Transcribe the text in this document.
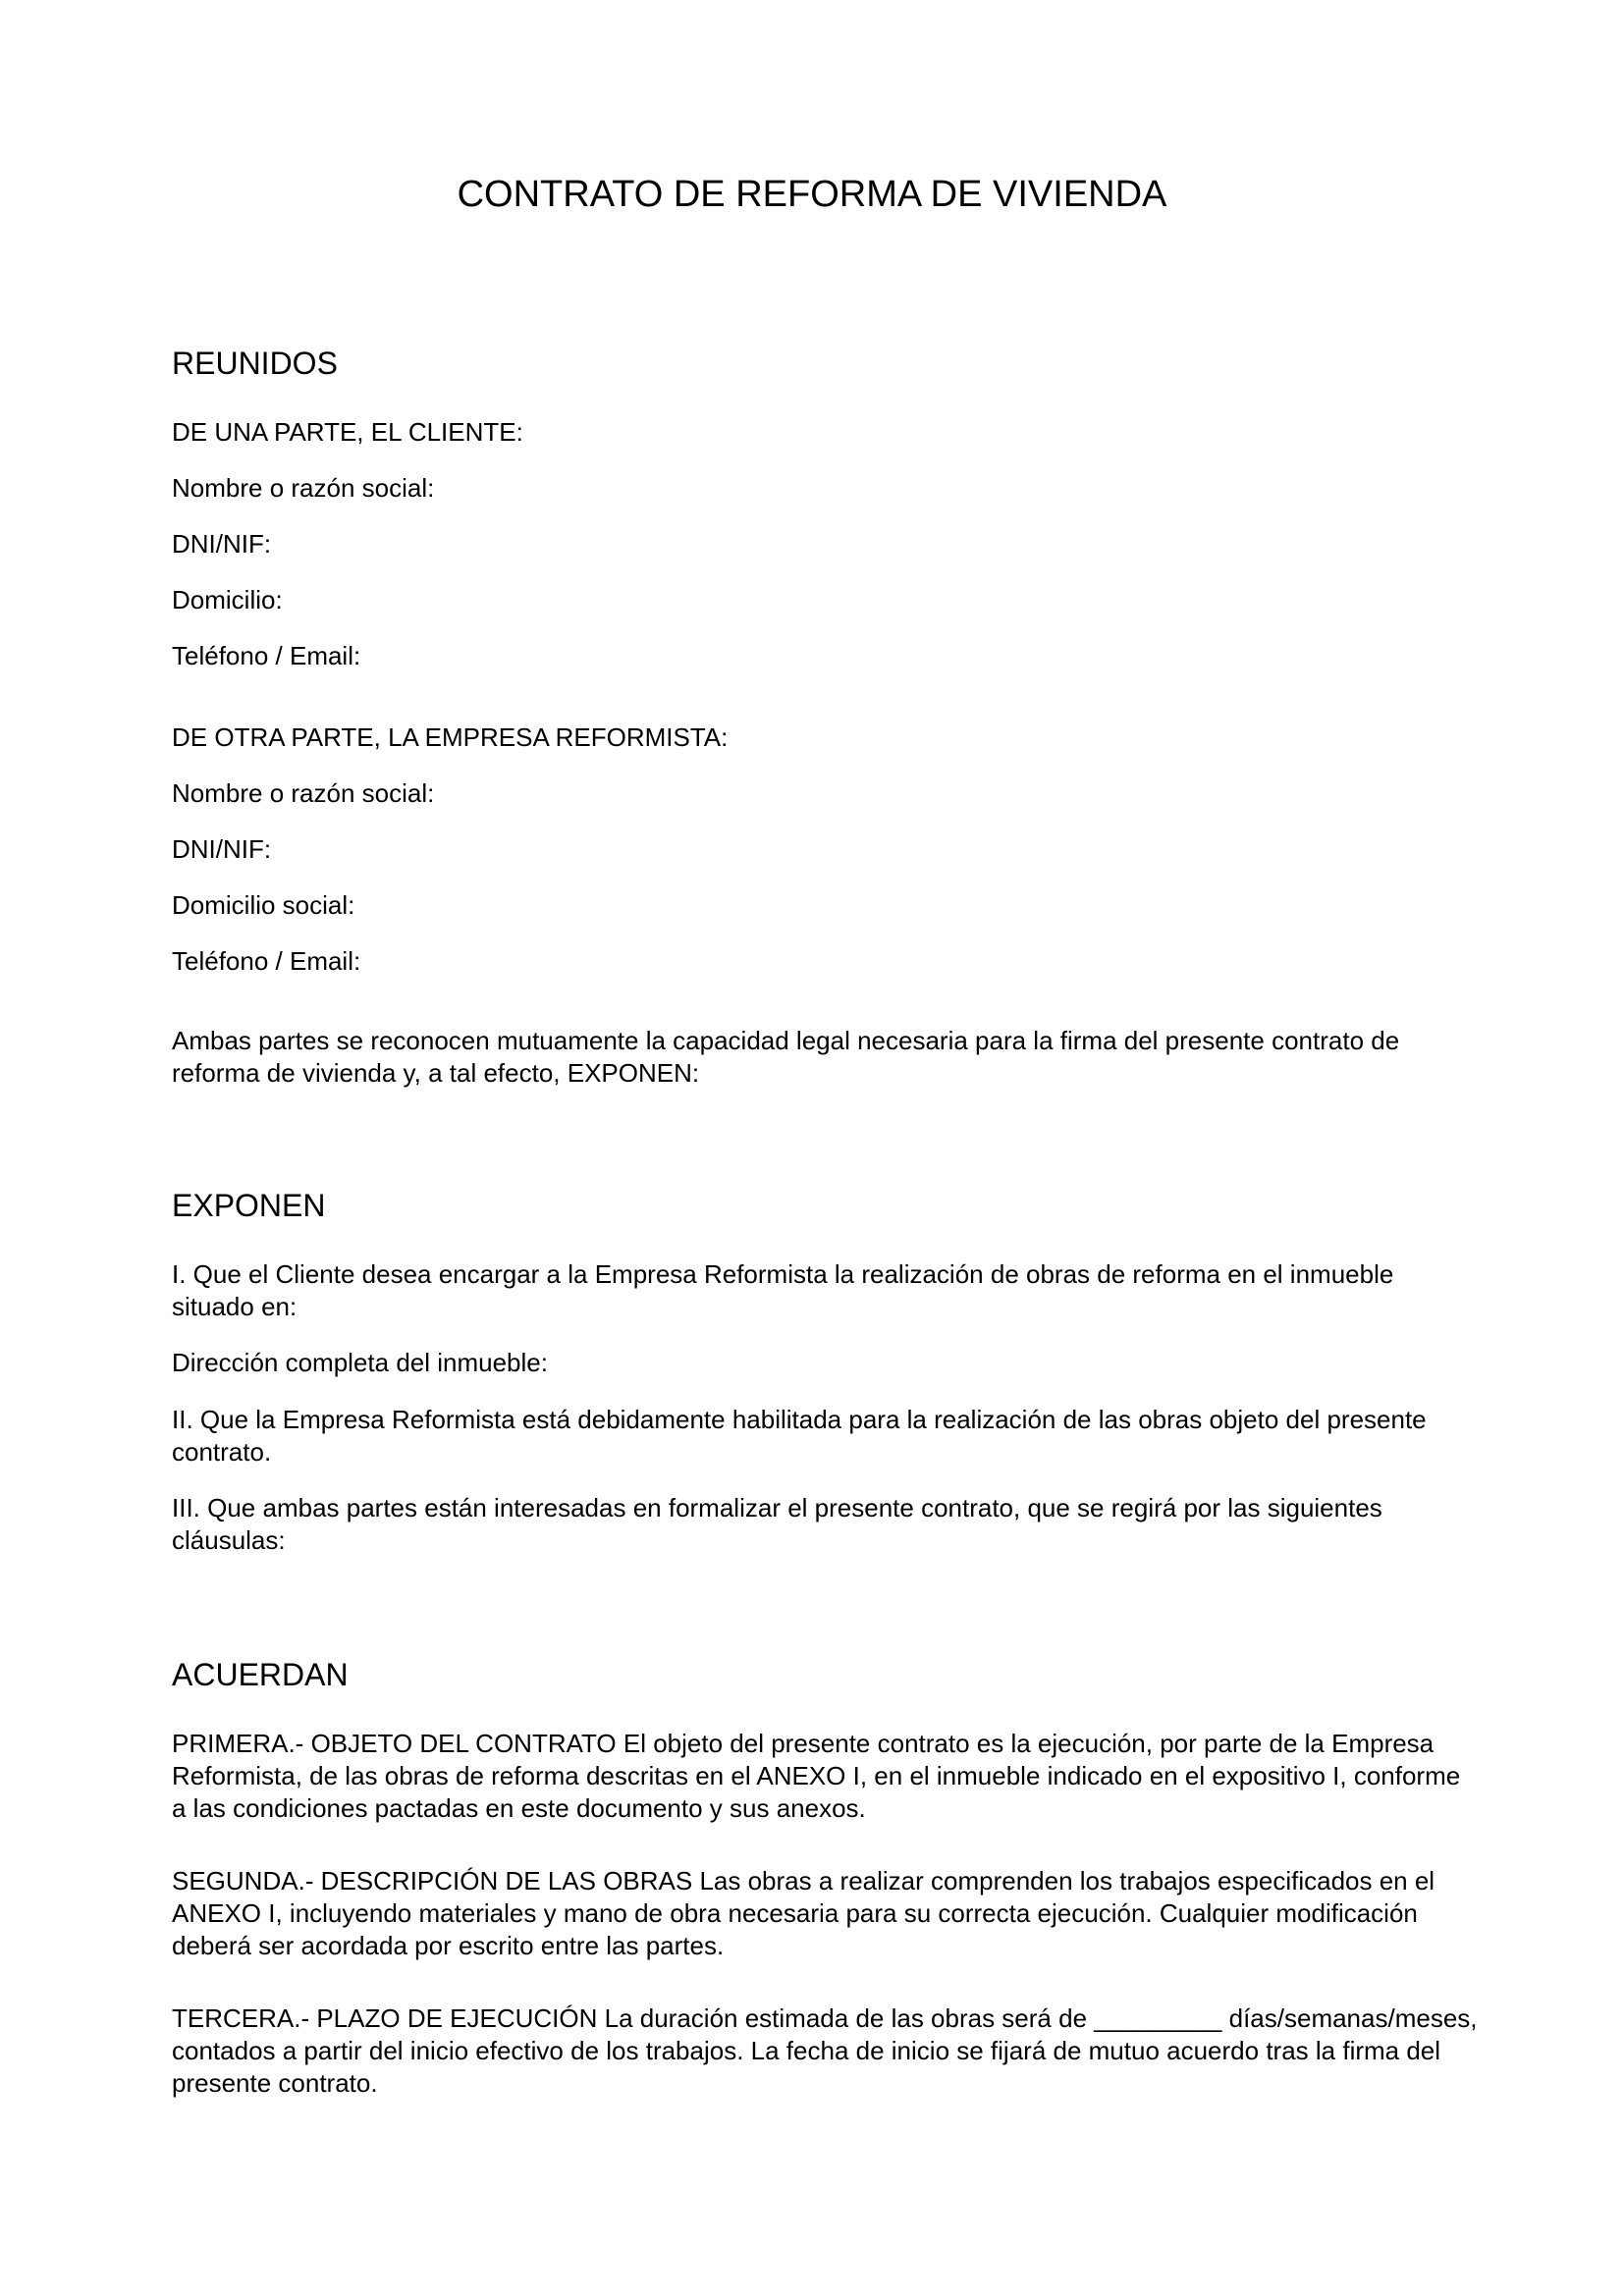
CONTRATO DE REFORMA DE VIVIENDA
REUNIDOS
DE UNA PARTE, EL CLIENTE:
Nombre o razón social:
DNI/NIF:
Domicilio:
Teléfono / Email:
DE OTRA PARTE, LA EMPRESA REFORMISTA:
Nombre o razón social:
DNI/NIF:
Domicilio social:
Teléfono / Email:
Ambas partes se reconocen mutuamente la capacidad legal necesaria para la firma del presente contrato de reforma de vivienda y, a tal efecto, EXPONEN:
EXPONEN
I. Que el Cliente desea encargar a la Empresa Reformista la realización de obras de reforma en el inmueble situado en:
Dirección completa del inmueble:
II. Que la Empresa Reformista está debidamente habilitada para la realización de las obras objeto del presente contrato.
III. Que ambas partes están interesadas en formalizar el presente contrato, que se regirá por las siguientes cláusulas:
ACUERDAN
PRIMERA.- OBJETO DEL CONTRATO El objeto del presente contrato es la ejecución, por parte de la Empresa Reformista, de las obras de reforma descritas en el ANEXO I, en el inmueble indicado en el expositivo I, conforme a las condiciones pactadas en este documento y sus anexos.
SEGUNDA.- DESCRIPCIÓN DE LAS OBRAS Las obras a realizar comprenden los trabajos especificados en el ANEXO I, incluyendo materiales y mano de obra necesaria para su correcta ejecución. Cualquier modificación deberá ser acordada por escrito entre las partes.
TERCERA.- PLAZO DE EJECUCIÓN La duración estimada de las obras será de _________ días/semanas/meses, contados a partir del inicio efectivo de los trabajos. La fecha de inicio se fijará de mutuo acuerdo tras la firma del presente contrato.
